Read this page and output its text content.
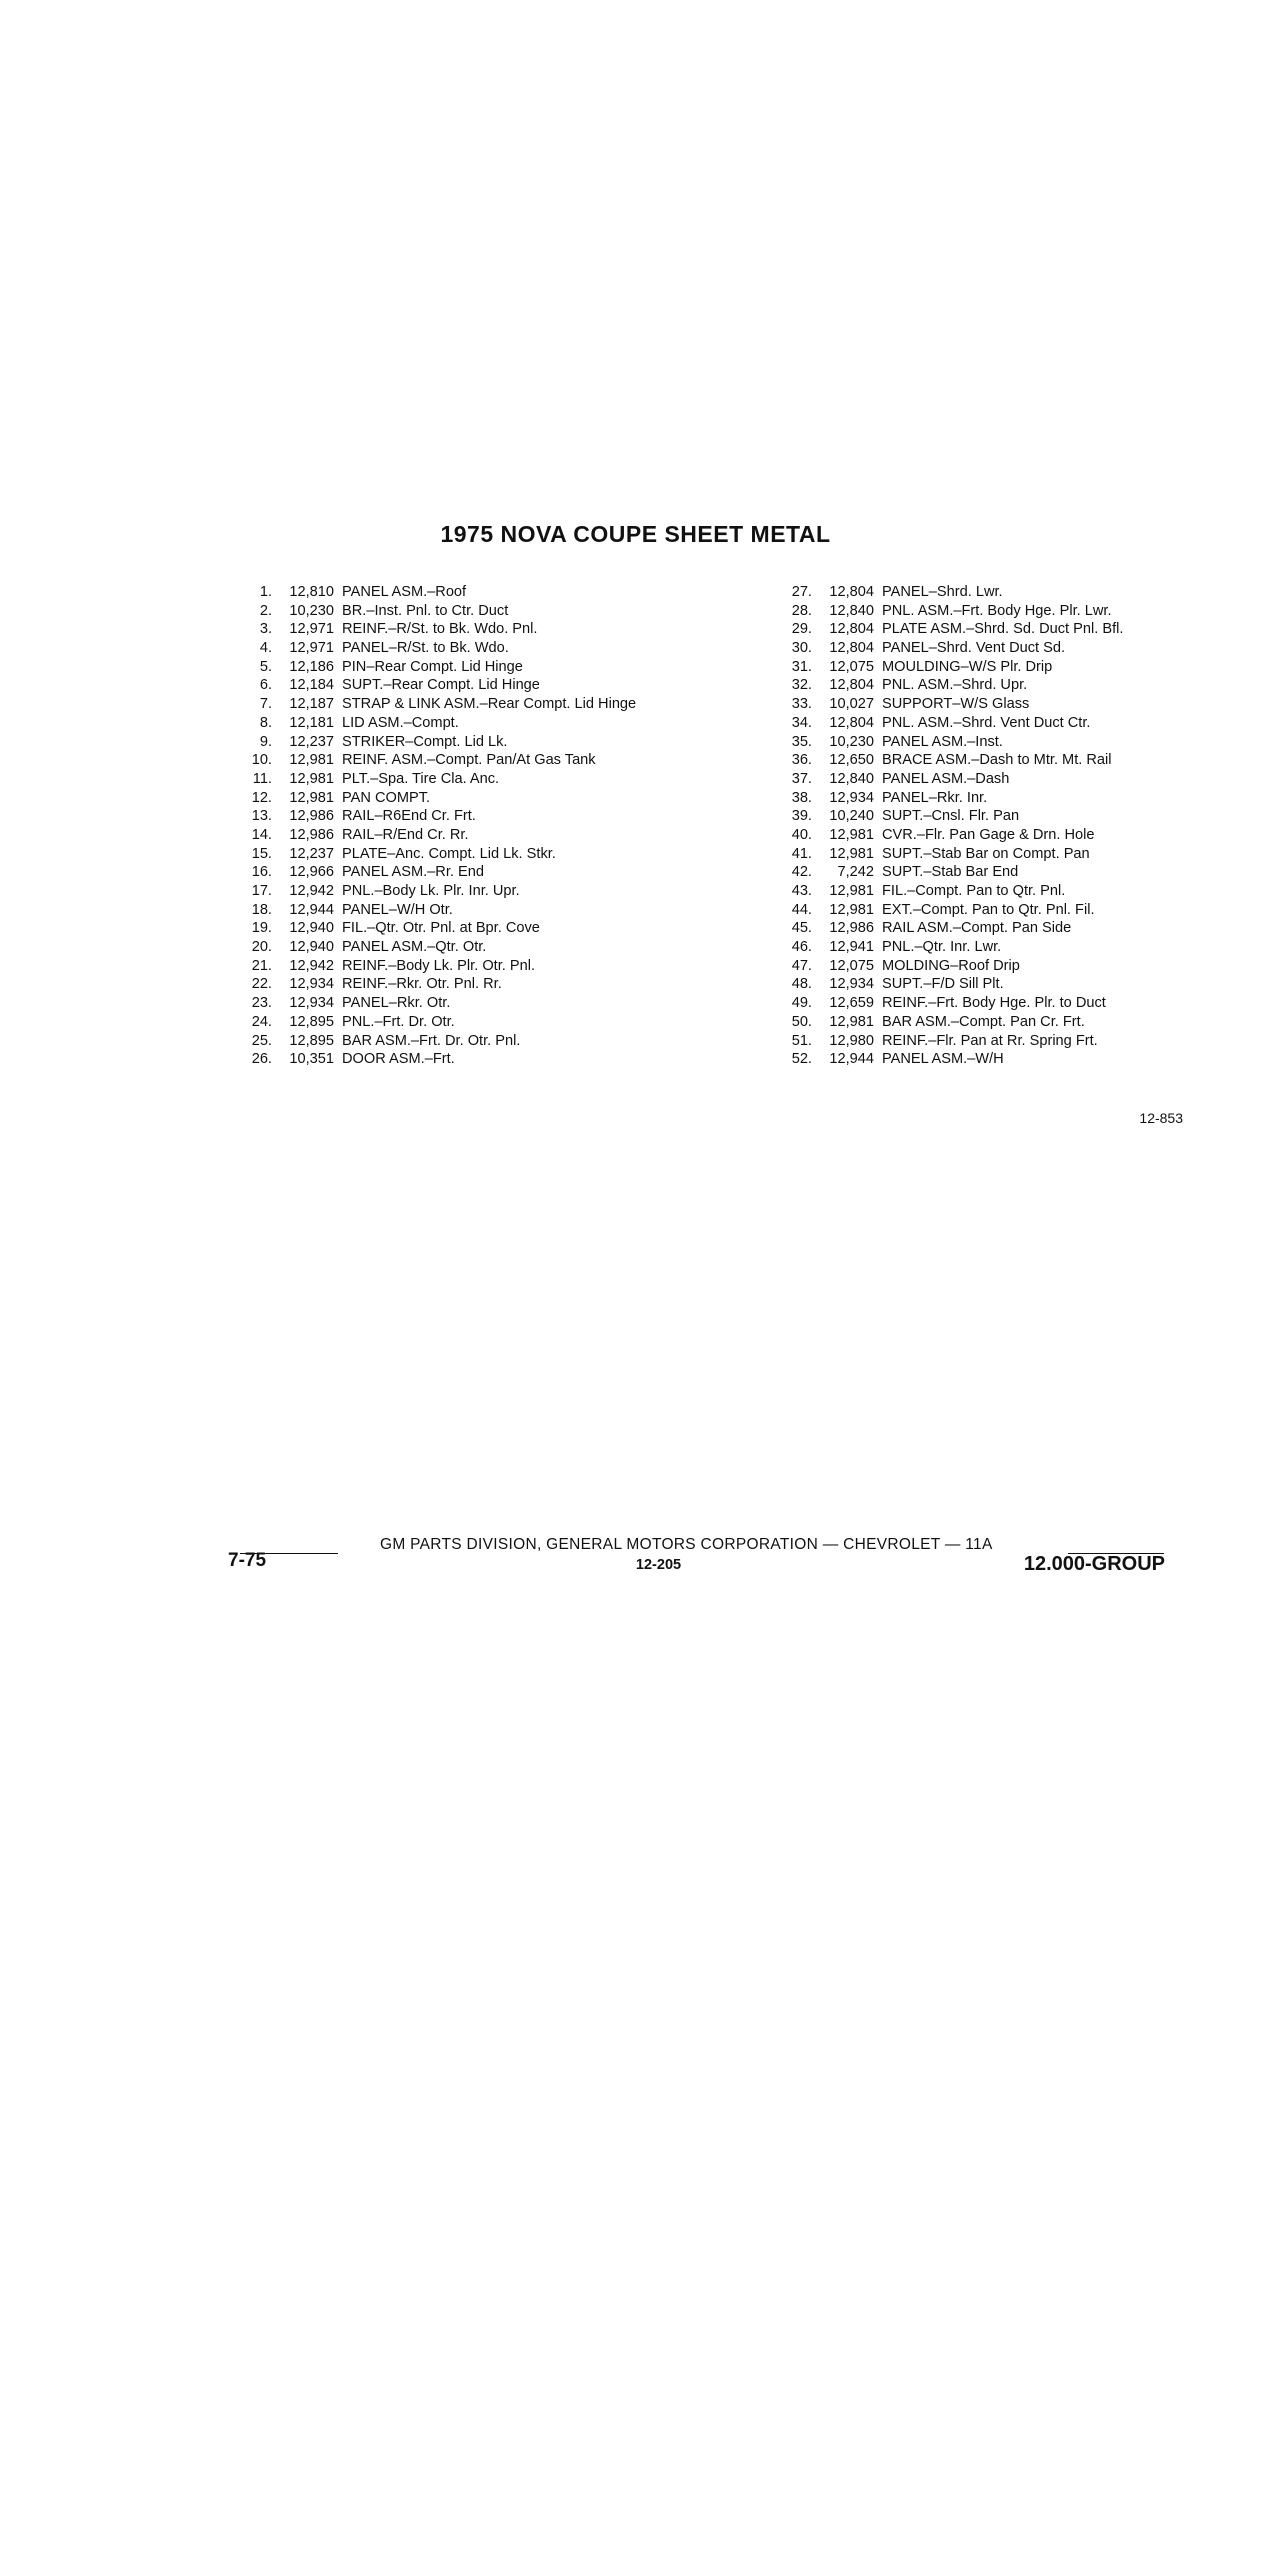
1975 NOVA COUPE SHEET METAL
1.	12,810 PANEL ASM.–Roof
2.	10,230 BR.–Inst. Pnl. to Ctr. Duct
3.	12,971 REINF.–R/St. to Bk. Wdo. Pnl.
4.	12,971 PANEL–R/St. to Bk. Wdo.
5.	12,186 PIN–Rear Compt. Lid Hinge
6.	12,184 SUPT.–Rear Compt. Lid Hinge
7.	12,187 STRAP & LINK ASM.–Rear Compt. Lid Hinge
8.	12,181 LID ASM.–Compt.
9.	12,237 STRIKER–Compt. Lid Lk.
10.	12,981 REINF. ASM.–Compt. Pan/At Gas Tank
11.	12,981 PLT.–Spa. Tire Cla. Anc.
12.	12,981 PAN COMPT.
13.	12,986 RAIL–R6End Cr. Frt.
14.	12,986 RAIL–R/End Cr. Rr.
15.	12,237 PLATE–Anc. Compt. Lid Lk. Stkr.
16.	12,966 PANEL ASM.–Rr. End
17.	12,942 PNL.–Body Lk. Plr. Inr. Upr.
18.	12,944 PANEL–W/H Otr.
19.	12,940 FIL.–Qtr. Otr. Pnl. at Bpr. Cove
20.	12,940 PANEL ASM.–Qtr. Otr.
21.	12,942 REINF.–Body Lk. Plr. Otr. Pnl.
22.	12,934 REINF.–Rkr. Otr. Pnl. Rr.
23.	12,934 PANEL–Rkr. Otr.
24.	12,895 PNL.–Frt. Dr. Otr.
25.	12,895 BAR ASM.–Frt. Dr. Otr. Pnl.
26.	10,351 DOOR ASM.–Frt.
27.	12,804 PANEL–Shrd. Lwr.
28.	12,840 PNL. ASM.–Frt. Body Hge. Plr. Lwr.
29.	12,804 PLATE ASM.–Shrd. Sd. Duct Pnl. Bfl.
30.	12,804 PANEL–Shrd. Vent Duct Sd.
31.	12,075 MOULDING–W/S Plr. Drip
32.	12,804 PNL. ASM.–Shrd. Upr.
33.	10,027 SUPPORT–W/S Glass
34.	12,804 PNL. ASM.–Shrd. Vent Duct Ctr.
35.	10,230 PANEL ASM.–Inst.
36.	12,650 BRACE ASM.–Dash to Mtr. Mt. Rail
37.	12,840 PANEL ASM.–Dash
38.	12,934 PANEL–Rkr. Inr.
39.	10,240 SUPT.–Cnsl. Flr. Pan
40.	12,981 CVR.–Flr. Pan Gage & Drn. Hole
41.	12,981 SUPT.–Stab Bar on Compt. Pan
42.	7,242 SUPT.–Stab Bar End
43.	12,981 FIL.–Compt. Pan to Qtr. Pnl.
44.	12,981 EXT.–Compt. Pan to Qtr. Pnl. Fil.
45.	12,986 RAIL ASM.–Compt. Pan Side
46.	12,941 PNL.–Qtr. Inr. Lwr.
47.	12,075 MOLDING–Roof Drip
48.	12,934 SUPT.–F/D Sill Plt.
49.	12,659 REINF.–Frt. Body Hge. Plr. to Duct
50.	12,981 BAR ASM.–Compt. Pan Cr. Frt.
51.	12,980 REINF.–Flr. Pan at Rr. Spring Frt.
52.	12,944 PANEL ASM.–W/H
12-853
GM PARTS DIVISION, GENERAL MOTORS CORPORATION — CHEVROLET — 11A
7-75	12-205	12.000-GROUP
